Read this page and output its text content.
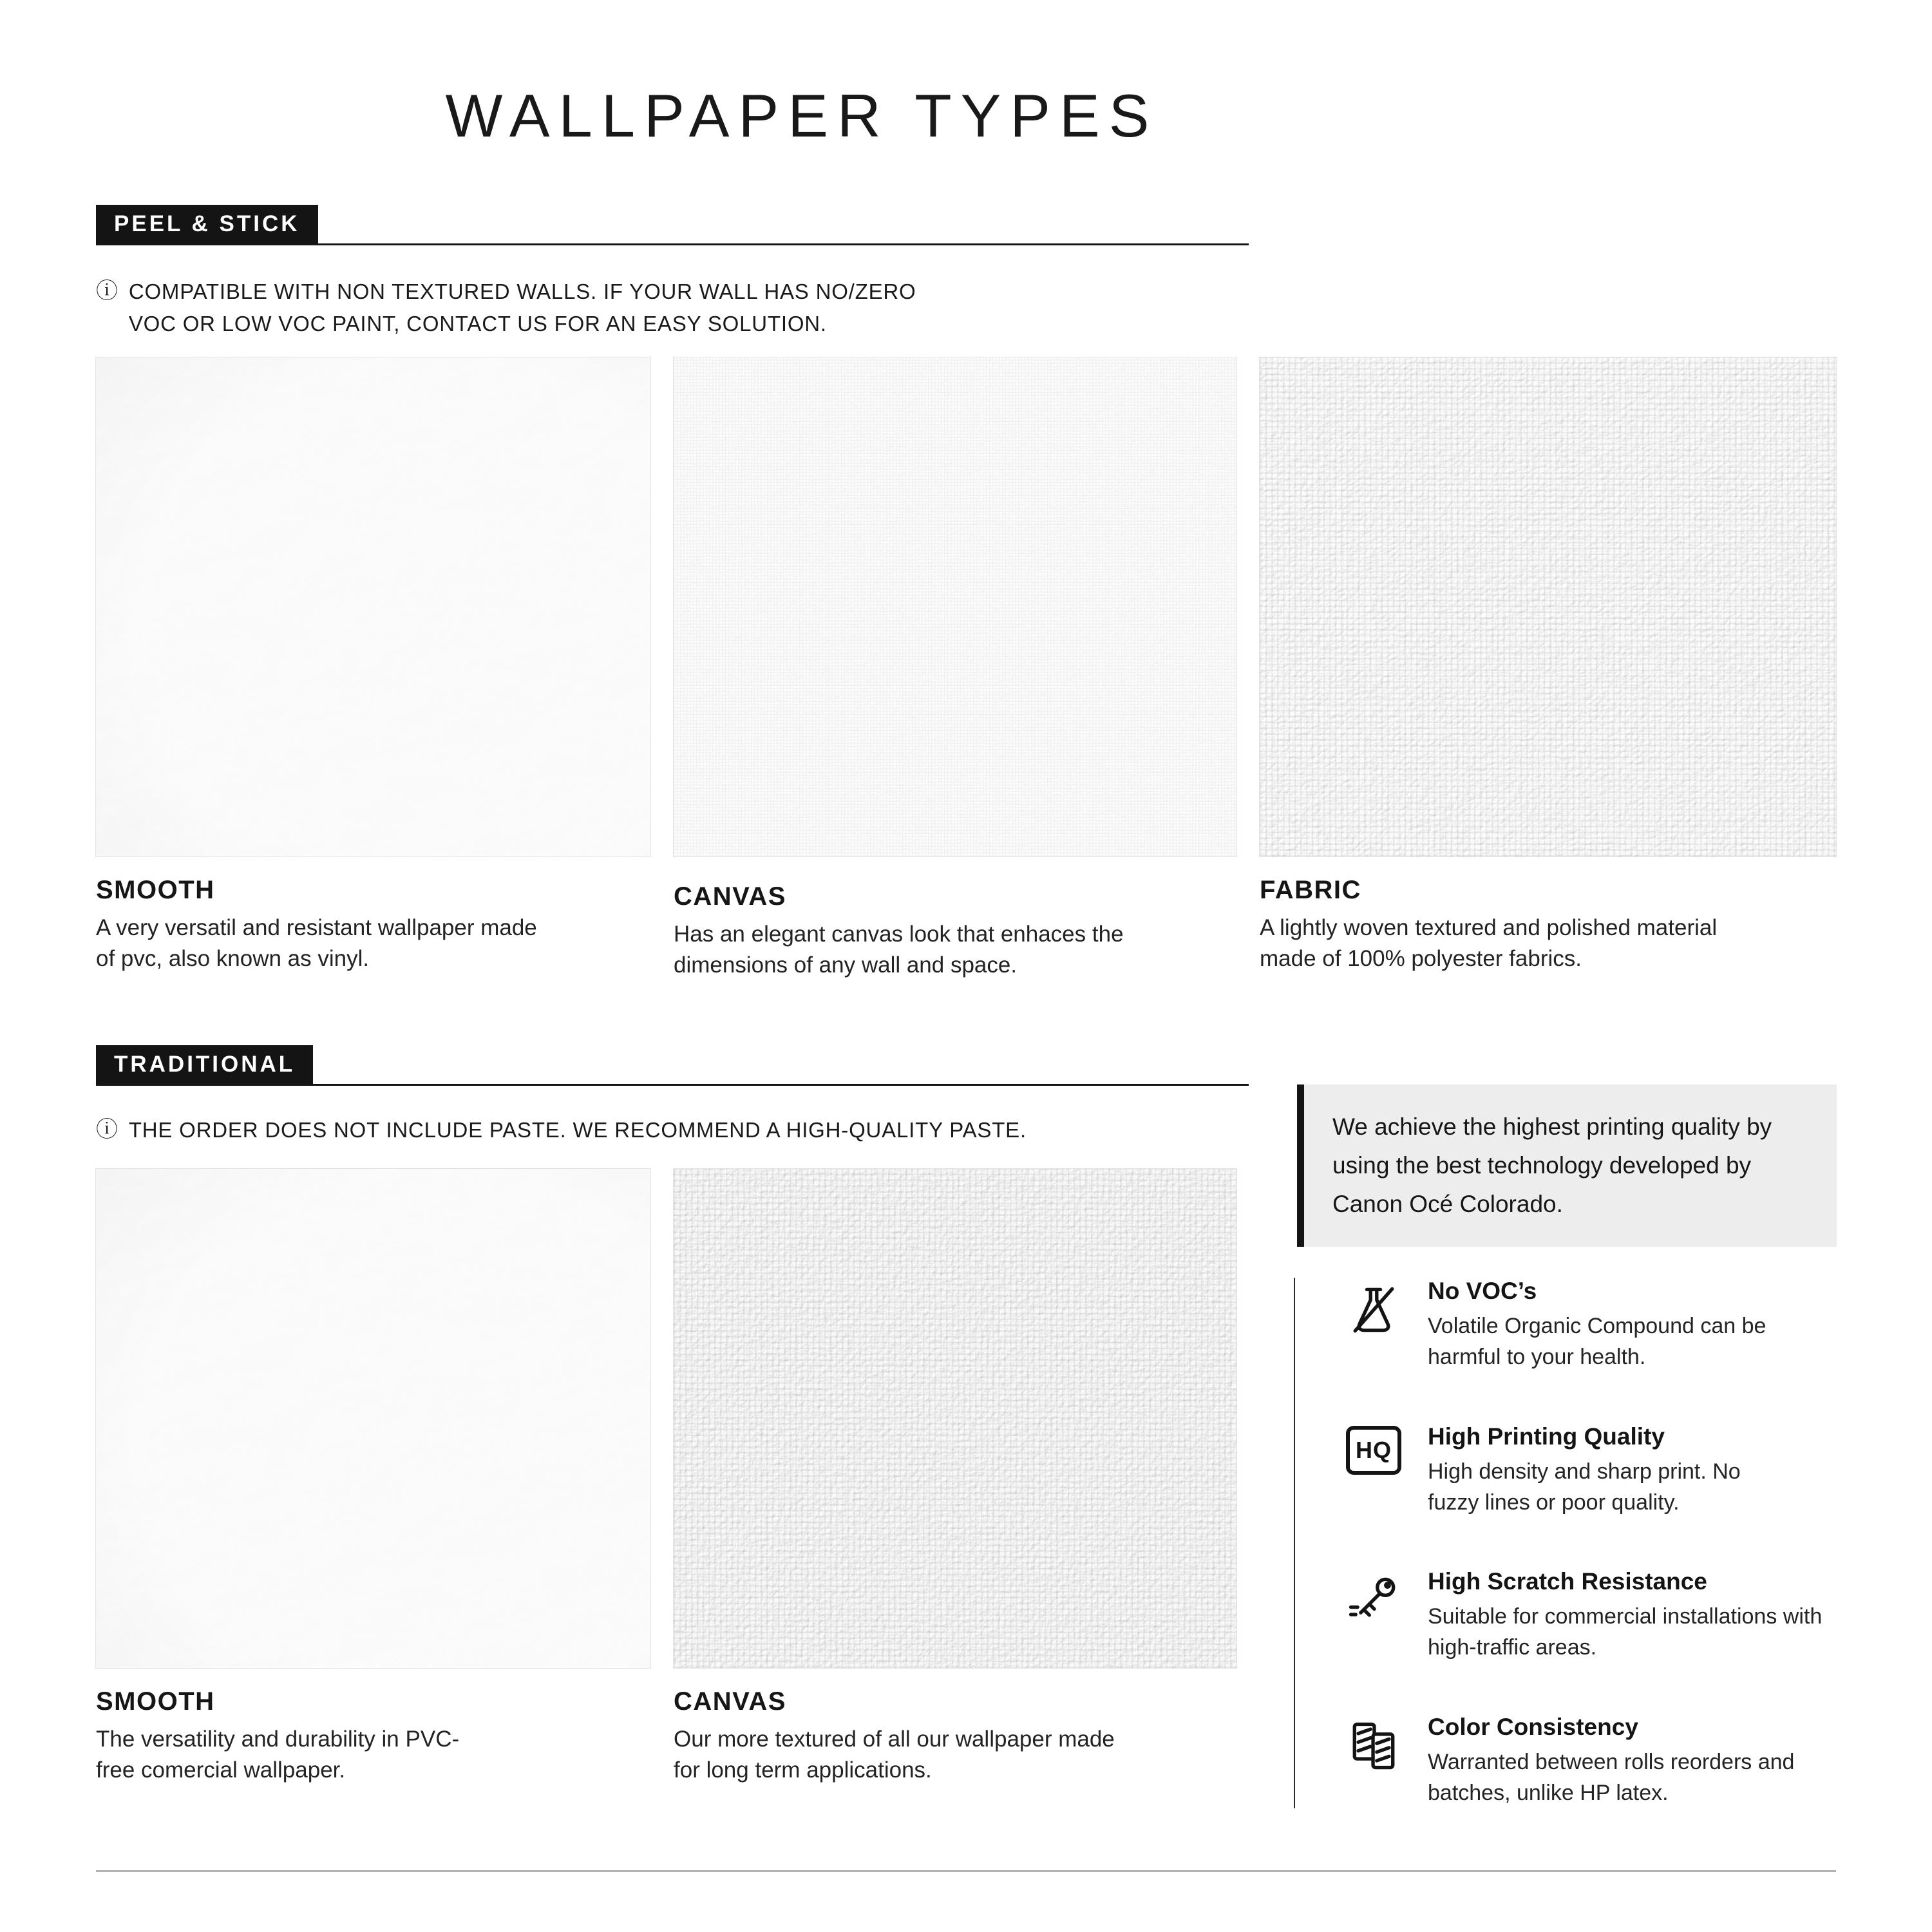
WALLPAPER TYPES
PEEL & STICK
ⓘ COMPATIBLE WITH NON TEXTURED WALLS. IF YOUR WALL HAS NO/ZERO
VOC OR LOW VOC PAINT, CONTACT US FOR AN EASY SOLUTION.
SMOOTH

A very versatil and resistant wallpaper made of pvc, also known as vinyl.

CANVAS

Has an elegant canvas look that enhaces the dimensions of any wall and space.

FABRIC

A lightly woven textured and polished material made of 100% polyester fabrics.

TRADITIONAL
ⓘ THE ORDER DOES NOT INCLUDE PASTE. WE RECOMMEND A HIGH-QUALITY PASTE.
SMOOTH

The versatility and durability in PVC-free comercial wallpaper.

CANVAS

Our more textured of all our wallpaper made for long term applications.

We achieve the highest printing quality by using the best technology developed by Canon Océ Colorado.
No VOC’s
Volatile Organic Compound can be harmful to your health.
HQ
High Printing Quality
High density and sharp print. No fuzzy lines or poor quality.
High Scratch Resistance
Suitable for commercial installations with high-traffic areas.
Color Consistency
Warranted between rolls reorders and batches, unlike HP latex.
